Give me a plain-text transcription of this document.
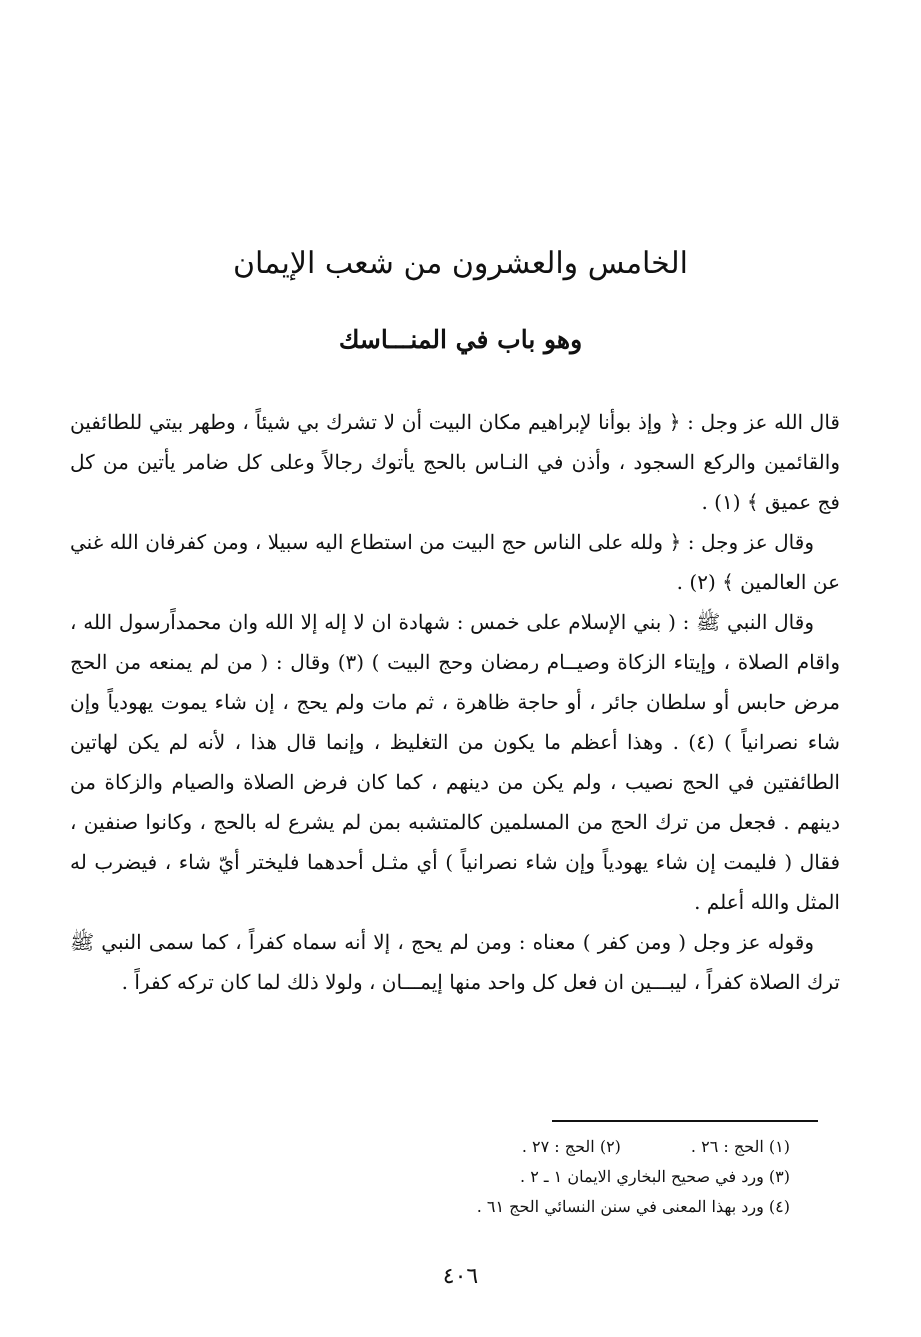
الخامس والعشرون من شعب الإيمان
وهو باب في المنـــاسك

قال الله عز وجل : ﴿ وإذ بوأنا لإبراهيم مكان البيت أن لا تشرك بي شيئاً ، وطهر بيتي للطائفين والقائمين والركع السجود ، وأذن في النـاس بالحج يأتوك رجالاً وعلى كل ضامر يأتين من كل فج عميق ﴾ (١) .

وقال عز وجل : ﴿ ولله على الناس حج البيت من استطاع اليه سبيلا ، ومن كفرفان الله غني عن العالمين ﴾ (٢) .

وقال النبي ﷺ : ( بني الإسلام على خمس : شهادة ان لا إله إلا الله وان محمداًرسول الله ، واقام الصلاة ، وإيتاء الزكاة وصيــام رمضان وحج البيت ) (٣) وقال : ( من لم يمنعه من الحج مرض حابس أو سلطان جائر ، أو حاجة ظاهرة ، ثم مات ولم يحج ، إن شاء يموت يهودياً وإن شاء نصرانياً ) (٤) . وهذا أعظم ما يكون من التغليظ ، وإنما قال هذا ، لأنه لم يكن لهاتين الطائفتين في الحج نصيب ، ولم يكن من دينهم ، كما كان فرض الصلاة والصيام والزكاة من دينهم . فجعل من ترك الحج من المسلمين كالمتشبه بمن لم يشرع له بالحج ، وكانوا صنفين ، فقال ( فليمت إن شاء يهودياً وإن شاء نصرانياً ) أي مثـل أحدهما فليختر أيّ شاء ، فيضرب له المثل والله أعلم .

وقوله عز وجل ( ومن كفر ) معناه : ومن لم يحج ، إلا أنه سماه كفراً ، كما سمى النبي ﷺ ترك الصلاة كفراً ، ليبـــين ان فعل كل واحد منها إيمـــان ، ولولا ذلك لما كان تركه كفراً .

(١) الحج : ٢٦ .(٢) الحج : ٢٧ .
(٣) ورد في صحيح البخاري الايمان ١ ـ ٢ .
(٤) ورد بهذا المعنى في سنن النسائي الحج ٦١ .
٤٠٦
